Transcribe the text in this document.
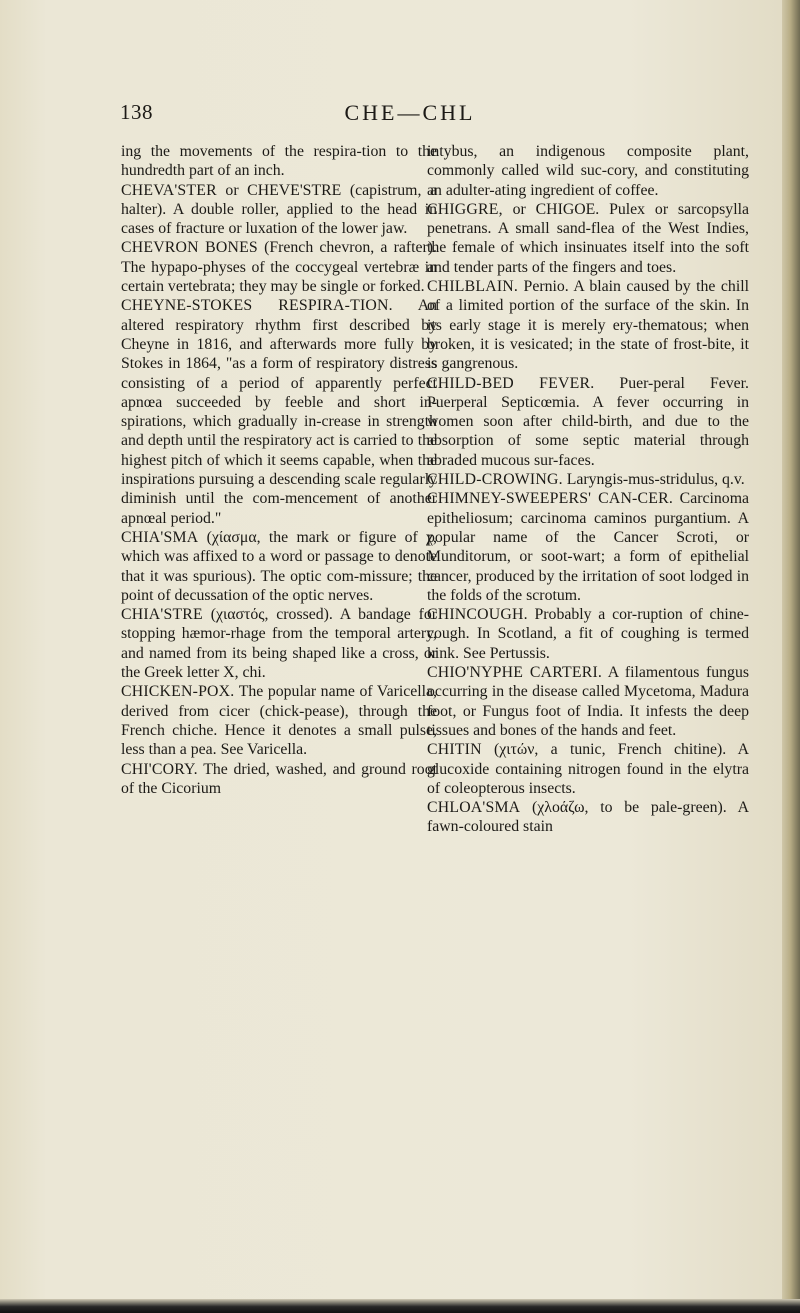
138	CHE—CHL

ing the movements of the respira-tion to the hundredth part of an inch.

CHEVA'STER or CHEVE'STRE (capistrum, a halter). A double roller, applied to the head in cases of fracture or luxation of the lower jaw.

CHEVRON BONES (French chevron, a rafter). The hypapo-physes of the coccygeal vertebræ in certain vertebrata; they may be single or forked.

CHEYNE-STOKES RESPIRA-TION. An altered respiratory rhythm first described by Cheyne in 1816, and afterwards more fully by Stokes in 1864, "as a form of respiratory distress consisting of a period of apparently perfect apnœa succeeded by feeble and short in-spirations, which gradually in-crease in strength and depth until the respiratory act is carried to the highest pitch of which it seems capable, when the inspirations pursuing a descending scale regularly diminish until the com-mencement of another apnœal period."

CHIA'SMA (χίασμα, the mark or figure of χ, which was affixed to a word or passage to denote that it was spurious). The optic com-missure; the point of decussation of the optic nerves.

CHIA'STRE (χιαστός, crossed). A bandage for stopping hæmor-rhage from the temporal artery, and named from its being shaped like a cross, or the Greek letter X, chi.

CHICKEN-POX. The popular name of Varicella, derived from cicer (chick-pease), through the French chiche. Hence it denotes a small pulse, less than a pea. See Varicella.

CHI'CORY. The dried, washed, and ground root of the Cicorium

intybus, an indigenous composite plant, commonly called wild suc-cory, and constituting an adulter-ating ingredient of coffee.

CHIGGRE, or CHIGOE. Pulex or sarcopsylla penetrans. A small sand-flea of the West Indies, the female of which insinuates itself into the soft and tender parts of the fingers and toes.

CHILBLAIN. Pernio. A blain caused by the chill of a limited portion of the surface of the skin. In its early stage it is merely ery-thematous; when broken, it is vesicated; in the state of frost-bite, it is gangrenous.

CHILD-BED FEVER. Puer-peral Fever. Puerperal Septicœmia. A fever occurring in women soon after child-birth, and due to the absorption of some septic material through abraded mucous sur-faces.

CHILD-CROWING. Laryngis-mus-stridulus, q.v.

CHIMNEY-SWEEPERS' CAN-CER. Carcinoma epitheliosum; carcinoma caminos purgantium. A popular name of the Cancer Scroti, or Munditorum, or soot-wart; a form of epithelial cancer, produced by the irritation of soot lodged in the folds of the scrotum.

CHINCOUGH. Probably a cor-ruption of chine-cough. In Scotland, a fit of coughing is termed kink. See Pertussis.

CHIO'NYPHE CARTERI. A filamentous fungus occurring in the disease called Mycetoma, Madura foot, or Fungus foot of India. It infests the deep tissues and bones of the hands and feet.

CHITIN (χιτών, a tunic, French chitine). A glucoxide containing nitrogen found in the elytra of coleopterous insects.

CHLOA'SMA (χλοάζω, to be pale-green). A fawn-coloured stain
